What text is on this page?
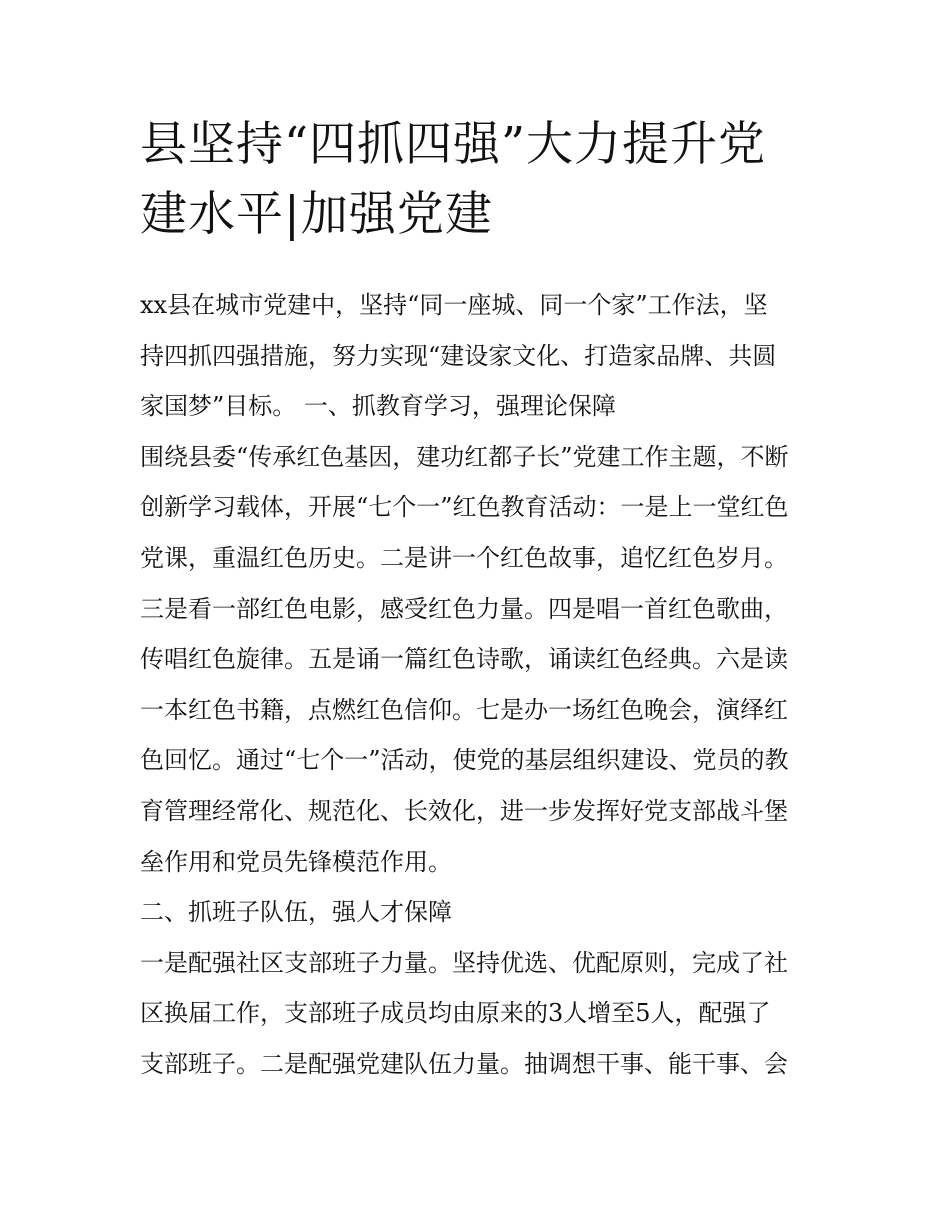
县坚持“四抓四强”大力提升党
建水平|加强党建
xx县在城市党建中，坚持“同一座城、同一个家”工作法，坚
持四抓四强措施，努力实现“建设家文化、打造家品牌、共圆
家国梦”目标。 一、抓教育学习，强理论保障
围绕县委“传承红色基因，建功红都子长”党建工作主题，不断
创新学习载体，开展“七个一”红色教育活动：一是上一堂红色
党课，重温红色历史。二是讲一个红色故事，追忆红色岁月。
三是看一部红色电影，感受红色力量。四是唱一首红色歌曲，
传唱红色旋律。五是诵一篇红色诗歌，诵读红色经典。六是读
一本红色书籍，点燃红色信仰。七是办一场红色晚会，演绎红
色回忆。通过“七个一”活动，使党的基层组织建设、党员的教
育管理经常化、规范化、长效化，进一步发挥好党支部战斗堡
垒作用和党员先锋模范作用。
二、抓班子队伍，强人才保障
一是配强社区支部班子力量。坚持优选、优配原则，完成了社
区换届工作，支部班子成员均由原来的3人增至5人，配强了
支部班子。二是配强党建队伍力量。抽调想干事、能干事、会
